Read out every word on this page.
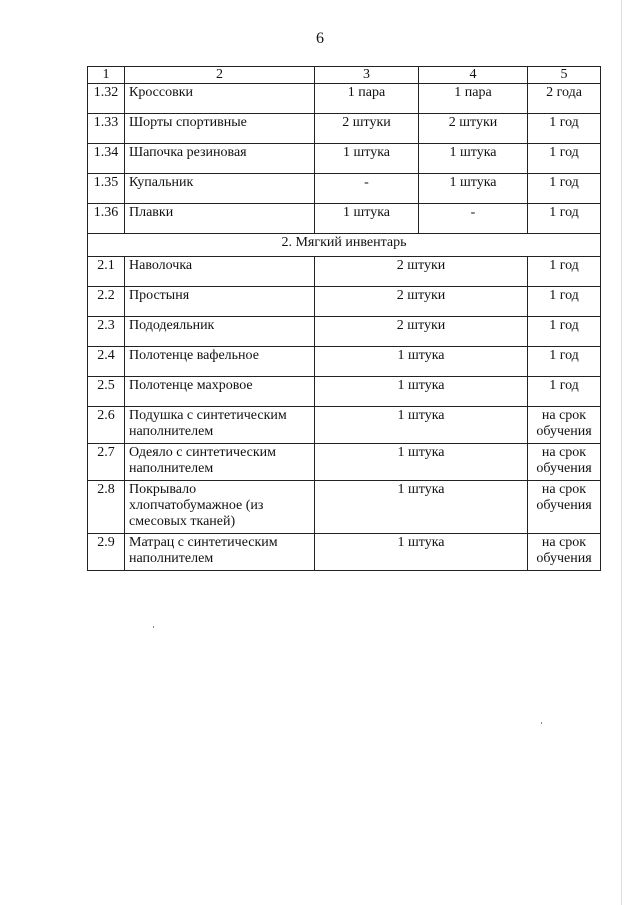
6
1	2	3	4	5
1.32	Кроссовки	1 пара	1 пара	2 года
1.33	Шорты спортивные	2 штуки	2 штуки	1 год
1.34	Шапочка резиновая	1 штука	1 штука	1 год
1.35	Купальник	-	1 штука	1 год
1.36	Плавки	1 штука	-	1 год
2. Мягкий инвентарь				
2.1	Наволочка	2 штуки		1 год
2.2	Простыня	2 штуки		1 год
2.3	Пододеяльник	2 штуки		1 год
2.4	Полотенце вафельное	1 штука		1 год
2.5	Полотенце махровое	1 штука		1 год
2.6	Подушка с синтетическим наполнителем	1 штука		на срок обучения
2.7	Одеяло с синтетическим наполнителем	1 штука		на срок обучения
2.8	Покрывало хлопчатобумажное (из смесовых тканей)	1 штука		на срок обучения
2.9	Матрац с синтетическим наполнителем	1 штука		на срок обучения
